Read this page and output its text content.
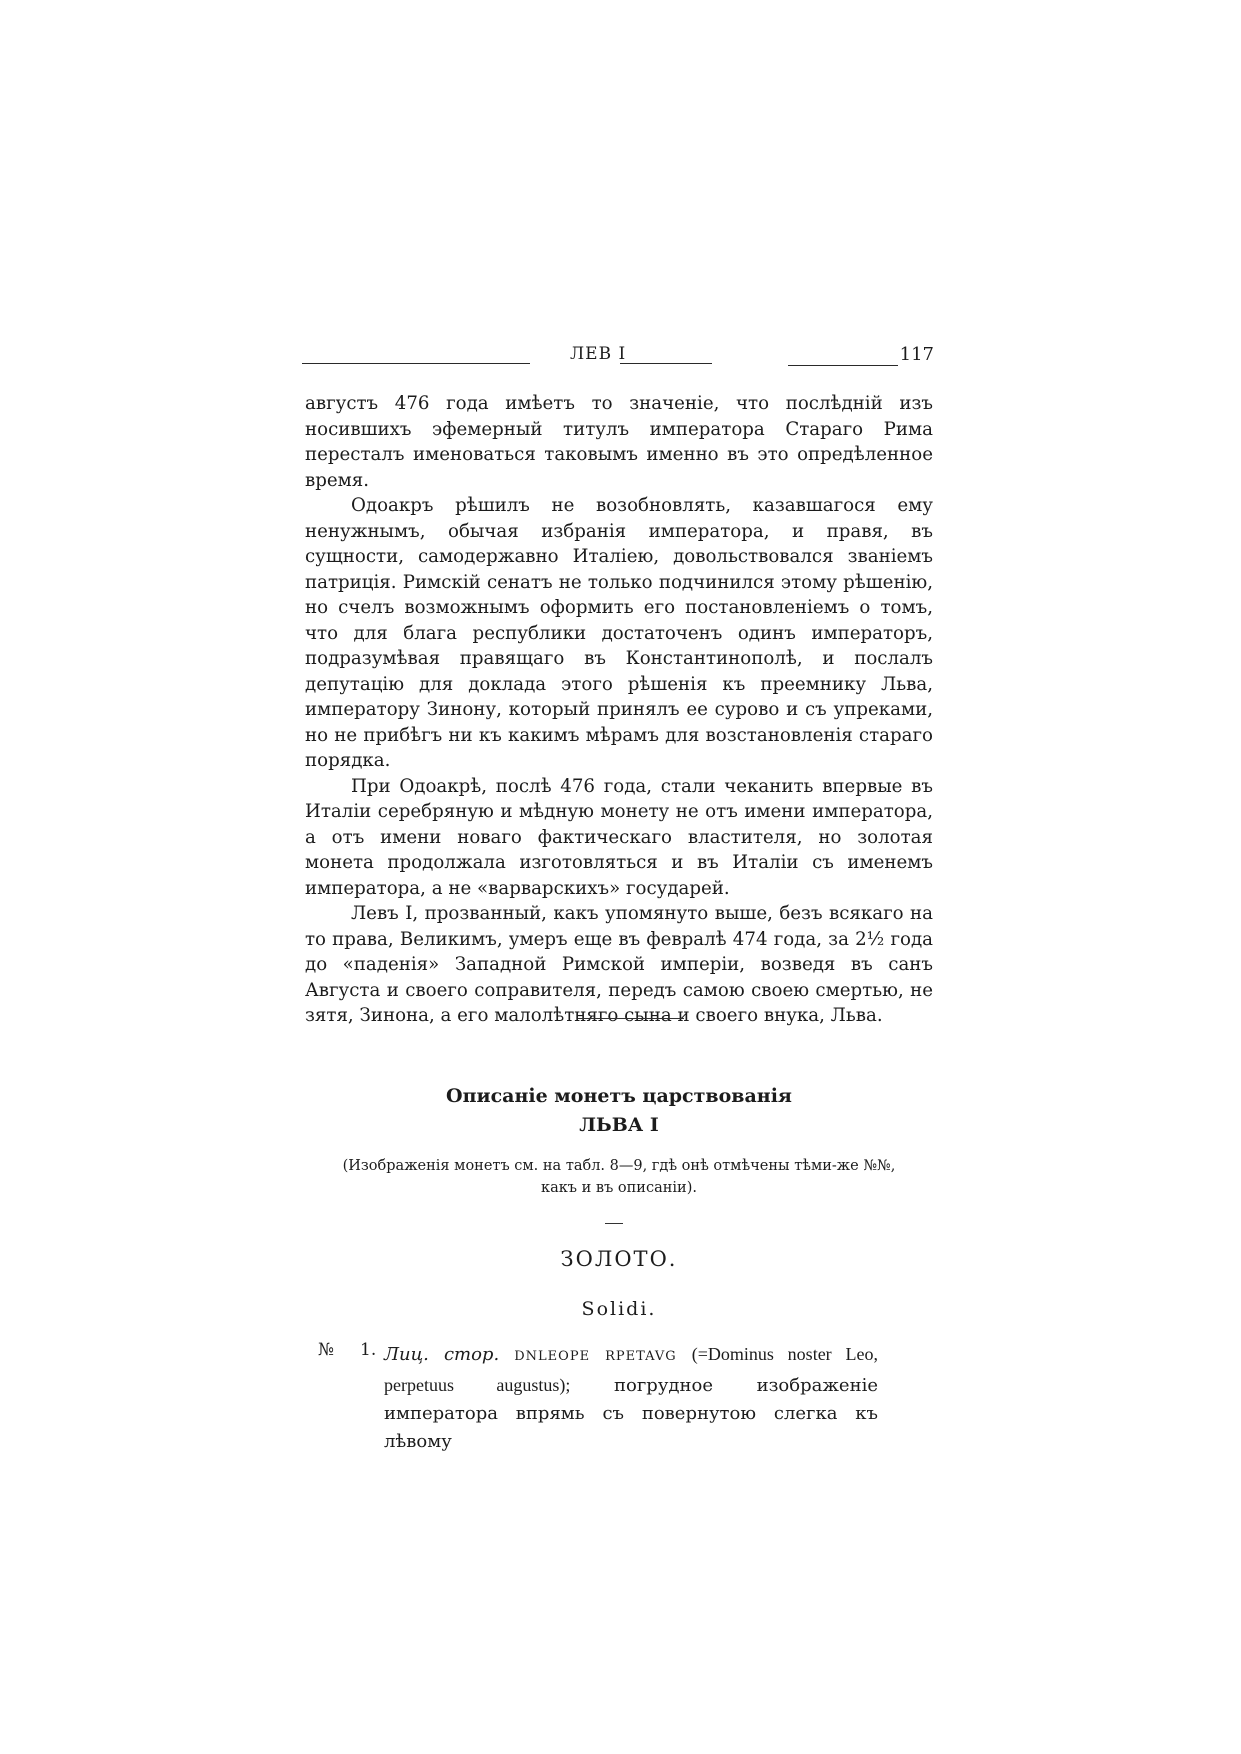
ЛЕВ I	117

августъ 476 года имѣетъ то значеніе, что послѣдній изъ носившихъ эфемерный титулъ императора Стараго Рима пересталъ именоваться таковымъ именно въ это опредѣленное время.

Одоакръ рѣшилъ не возобновлять, казавшагося ему ненужнымъ, обычая избранія императора, и правя, въ сущности, самодержавно Италіею, довольствовался званіемъ патриція. Римскій сенатъ не только подчинился этому рѣшенію, но счелъ возможнымъ оформить его постановленіемъ о томъ, что для блага республики достаточенъ одинъ императоръ, подразумѣвая правящаго въ Константинополѣ, и послалъ депутацію для доклада этого рѣшенія къ преемнику Льва, императору Зинону, который принялъ ее сурово и съ упреками, но не прибѣгъ ни къ какимъ мѣрамъ для возстановленія стараго порядка.

При Одоакрѣ, послѣ 476 года, стали чеканить впервые въ Италіи серебряную и мѣдную монету не отъ имени императора, а отъ имени новаго фактическаго властителя, но золотая монета продолжала изготовляться и въ Италіи съ именемъ императора, а не «варварскихъ» государей.

Левъ I, прозванный, какъ упомянуто выше, безъ всякаго на то права, Великимъ, умеръ еще въ февралѣ 474 года, за 2½ года до «паденія» Западной Римской имперіи, возведя въ санъ Августа и своего соправителя, передъ самою своею смертью, не зятя, Зинона, а его малолѣтняго сына и своего внука, Льва.

Описаніе монетъ царствованія
ЛЬВА I
(Изображенія монетъ см. на табл. 8—9, гдѣ онѣ отмѣчены тѣми-же №№,
какъ и въ описаніи).
ЗОЛОТО.
Solidi.
№ 1. Лиц. стор. DNLEOPE RPETAVG (=Dominus noster Leo, perpetuus augustus); погрудное изображеніе императора впрямь съ повернутою слегка къ лѣвому
